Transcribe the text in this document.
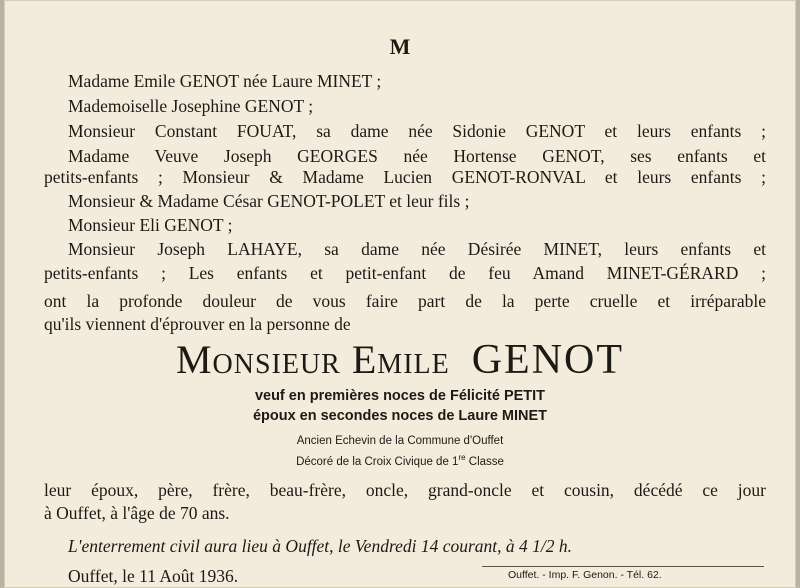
M
Madame Emile GENOT née Laure MINET ;
Mademoiselle Josephine GENOT ;
Monsieur Constant FOUAT, sa dame née Sidonie GENOT et leurs enfants ;
Madame Veuve Joseph GEORGES née Hortense GENOT, ses enfants et
petits-enfants ; Monsieur & Madame Lucien GENOT-RONVAL et leurs enfants ;
Monsieur & Madame César GENOT-POLET et leur fils ;
Monsieur Eli GENOT ;
Monsieur Joseph LAHAYE, sa dame née Désirée MINET, leurs enfants et
petits-enfants ; Les enfants et petit-enfant de feu Amand MINET-GÉRARD ;
ont la profonde douleur de vous faire part de la perte cruelle et irréparable
qu'ils viennent d'éprouver en la personne de
Monsieur Emile GENOT
veuf en premières noces de Félicité PETIT
époux en secondes noces de Laure MINET
Ancien Echevin de la Commune d'Ouffet
Décoré de la Croix Civique de 1re Classe
leur époux, père, frère, beau-frère, oncle, grand-oncle et cousin, décédé ce jour
à Ouffet, à l'âge de 70 ans.
L'enterrement civil aura lieu à Ouffet, le Vendredi 14 courant, à 4 1/2 h.
Ouffet, le 11 Août 1936.	Ouffet. - Imp. F. Genon. - Tél. 62.
